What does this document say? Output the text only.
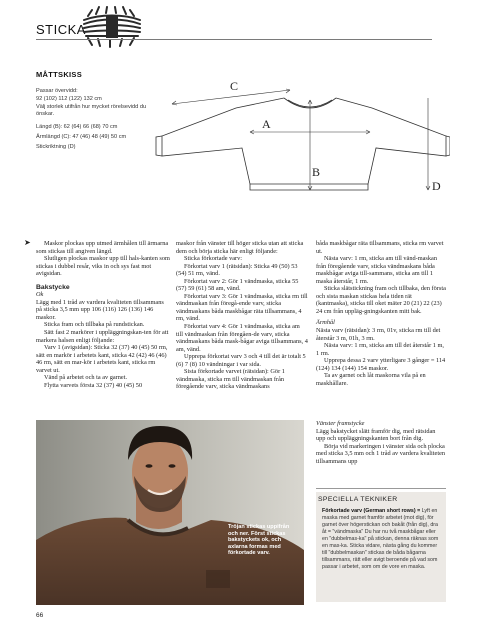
STICKA
MÅTTSKISS
Passar övervidd:
92 (102) 112 (122) 132 cm
Välj storlek utifrån hur mycket rörelsevidd du önskar.
Längd (B): 62 (64) 66 (68) 70 cm
Ärmlängd (C): 47 (46) 48 (49) 50 cm
Stickriktning (D)
C
A
B
D
➤	Maskor plockas upp utmed ärmhålen till ärmarna som stickas till angiven längd.

Slutligen plockas maskor upp till hals-kanten som stickas i dubbel resår, viks in och sys fast mot avigsidan.

Bakstycke

Ok

Lägg med 1 tråd av vardera kvaliteten tillsammans på sticka 3,5 mm upp 106 (116) 126 (136) 146 maskor.

Sticka fram och tillbaka på rundstickan.

Sätt fast 2 markörer i uppläggningskan-ten för att markera halsen enligt följande:

Varv 1 (avigsidan): Sticka 32 (37) 40 (45) 50 rm, sätt en markör i arbetets kant, sticka 42 (42) 46 (46) 46 rm, sätt en mar-kör i arbetets kant, sticka rm varvet ut.

Vänd på arbetet och ta av garnet.

Flytta varvets första 32 (37) 40 (45) 50

maskor från vänster till höger sticka utan att sticka dem och börja sticka här enligt följande:

Sticka förkortade varv:

Förkortat varv 1 (rätsidan): Sticka 49 (50) 53 (54) 51 rm, vänd.

Förkortat varv 2: Gör 1 vändmaska, sticka 55 (57) 59 (61) 58 am, vänd.

Förkortat varv 3: Gör 1 vändmaska, sticka rm till vändmaskan från föregå-ende varv, sticka vändmaskans båda maskbågar räta tillsammans, 4 rm, vänd.

Förkortat varv 4: Gör 1 vändmaska, sticka am till vändmaskan från föregåen-de varv, sticka vändmaskans båda mask-bågar aviga tillsammans, 4 am, vänd.

Upprepa förkortat varv 3 och 4 till det är totalt 5 (6) 7 (8) 10 vändningar i var sida.

Sista förkortade varvet (rätsidan): Gör 1 vändmaska, sticka rm till vändmaskan från föregående varv, sticka vändmaskans

båda maskbågar räta tillsammans, sticka rm varvet ut.

Nästa varv: 1 rm, sticka am till vänd-maskan från föregående varv, sticka vändmaskans båda maskbågar aviga till-sammans, sticka am till 1 maska återstår, 1 rm.

Sticka slätstickning fram och tillbaka, den första och sista maskan stickas hela tiden rät (kantmaska), sticka till oket mäter 20 (21) 22 (23) 24 cm från uppläg-gningskanten mitt bak.

Ärmhål

Nästa varv (rätsidan): 3 rm, 01v, sticka rm till det återstår 3 m, 01h, 3 rm.

Nästa varv: 1 rm, sticka am till det återstår 1 m, 1 rm.

Upprepa dessa 2 varv ytterligare 3 gånger = 114 (124) 134 (144) 154 maskor.

Ta av garnet och låt maskorna vila på en maskhållare.

Vänster framstycke

Lägg bakstycket slätt framför dig, med rätsidan upp och uppläggningskanten bort från dig.

Börja vid markeringen i vänster sida och plocka med sticka 3,5 mm och 1 tråd av vardera kvaliteten tillsammans upp

Tröjan stickas uppifrån och ner. Först stickas bakstyckets ok, och axlarna formas med förkortade varv.
SPECIELLA TEKNIKER
Förkortade varv (German short rows) = Lyft en maska med garnet framför arbetet (mot dig), för garnet över högerstickan och bakåt (från dig), dra åt = "vändmaska" Du har nu två maskbågar eller en "dubbelmas-ka" på stickan, denna räknas som en mas-ka. Sticka vidare, nästa gång du kommer till "dubbelmaskan" stickas de båda bågarna tillsammans, rätt eller avigt beroende på vad som passar i arbetet, som om de vore en maska.
66
